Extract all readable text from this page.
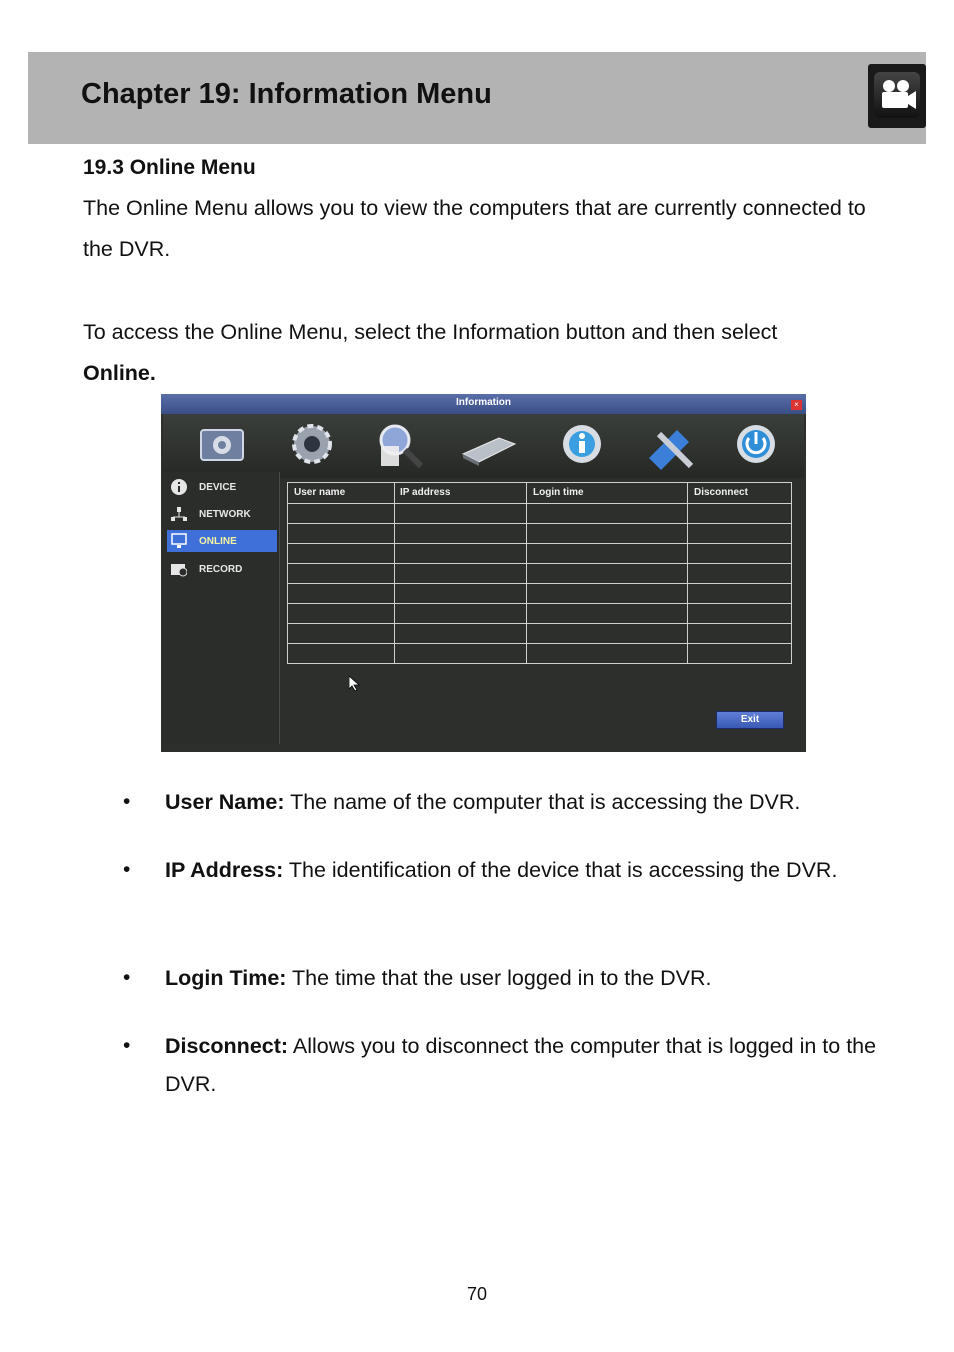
Chapter 19: Information Menu
19.3 Online Menu
The Online Menu allows you to view the computers that are currently connected to the DVR.
To access the Online Menu, select the Information button and then select
Online.
Information	×
DEVICE
NETWORK
ONLINE
RECORD
User name	IP address	Login time	Disconnect
Exit
• User Name: The name of the computer that is accessing the DVR.
• IP Address: The identification of the device that is accessing the DVR.
• Login Time: The time that the user logged in to the DVR.
• Disconnect: Allows you to disconnect the computer that is logged in to the DVR.
70
